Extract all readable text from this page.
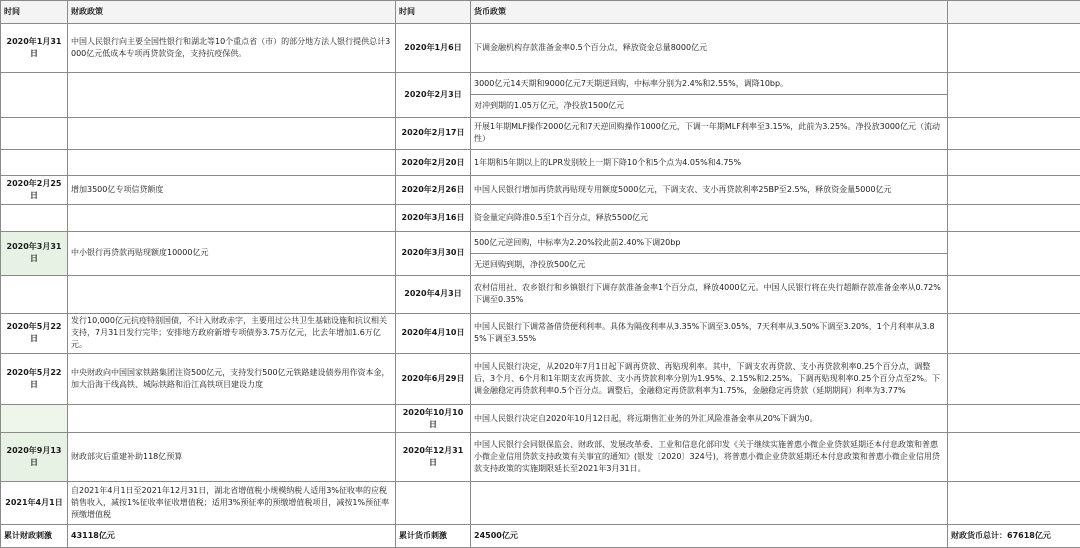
时间	财政政策	时间	货币政策	
2020年1月31日	中国人民银行向主要全国性银行和湖北等10个重点省（市）的部分地方法人银行提供总计3000亿元低成本专项再贷款资金，支持抗疫保供。	2020年1月6日	下调金融机构存款准备金率0.5个百分点，释放资金总量8000亿元	
		2020年2月3日	3000亿元14天期和9000亿元7天期逆回购，中标率分别为2.4%和2.55%，调降10bp。	
			对冲到期的1.05万亿元，净投放1500亿元	
		2020年2月17日	开展1年期MLF操作2000亿元和7天逆回购操作1000亿元，下调一年期MLF利率至3.15%，此前为3.25%。净投放3000亿元（流动性）	
		2020年2月20日	1年期和5年期以上的LPR发别较上一期下降10个和5个点为4.05%和4.75%	
2020年2月25日	增加3500亿专项信贷额度	2020年2月26日	中国人民银行增加再贷款再贴现专用额度5000亿元，下调支农、支小再贷款利率25BP至2.5%，释放资金量5000亿元	
		2020年3月16日	资金量定向降准0.5至1个百分点，释放5500亿元	
2020年3月31日	中小银行再贷款再贴现额度10000亿元	2020年3月30日	500亿元逆回购，中标率为2.20%较此前2.40%下调20bp	
			无逆回购到期，净投放500亿元	
		2020年4月3日	农村信用社、农乡银行和乡镇银行下调存款准备金率1个百分点，释放4000亿元。中国人民银行将在央行超额存款准备金率从0.72%下调至0.35%	
2020年5月22日	发行10,000亿元抗疫特别国债，不计入财政赤字，主要用过公共卫生基础设施和抗议相关支持，7月31日发行完毕；安排地方政府新增专项债券3.75万亿元，比去年增加1.6万亿元。	2020年4月10日	中国人民银行下调常备借贷便利利率。具体为隔夜利率从3.35%下调至3.05%，7天利率从3.50%下调至3.20%，1个月利率从3.85%下调至3.55%	
2020年5月22日	中央财政向中国国家铁路集团注资500亿元，支持发行500亿元铁路建设债券用作资本金，加大沿海干线高铁、城际铁路和沿江高铁项目建设力度	2020年6月29日	中国人民银行决定，从2020年7月1日起下调再贷款、再贴现利率。其中，下调支农再贷款、支小再贷款利率0.25个百分点，调整后，3个月、6个月和1年期支农再贷款、支小再贷款利率分别为1.95%、2.15%和2.25%。下调再贴现利率0.25个百分点至2%。下调金融稳定再贷款利率0.5个百分点。调整后，金融稳定再贷款利率为1.75%，金融稳定再贷款（延期期间）利率为3.77%	
		2020年10月10日	中国人民银行决定自2020年10月12日起，将远期售汇业务的外汇风险准备金率从20%下调为0。	
2020年9月13日	财政部灾后重建补助118亿预算	2020年12月31日	中国人民银行会同银保监会、财政部、发展改革委、工业和信息化部印发《关于继续实施普惠小微企业贷款延期还本付息政策和普惠小微企业信用贷款支持政策有关事宜的通知》(银发〔2020〕324号)，将普惠小微企业贷款延期还本付息政策和普惠小微企业信用贷款支持政策的实施期限延长至2021年3月31日。	
2021年4月1日	自2021年4月1日至2021年12月31日，湖北省增值税小规模纳税人适用3%征收率的应税销售收入，减按1%征收率征收增值税；适用3%预征率的预缴增值税项目，减按1%预征率预缴增值税			
累计财政刺激	43118亿元	累计货币刺激	24500亿元	财政货币总计：67618亿元
